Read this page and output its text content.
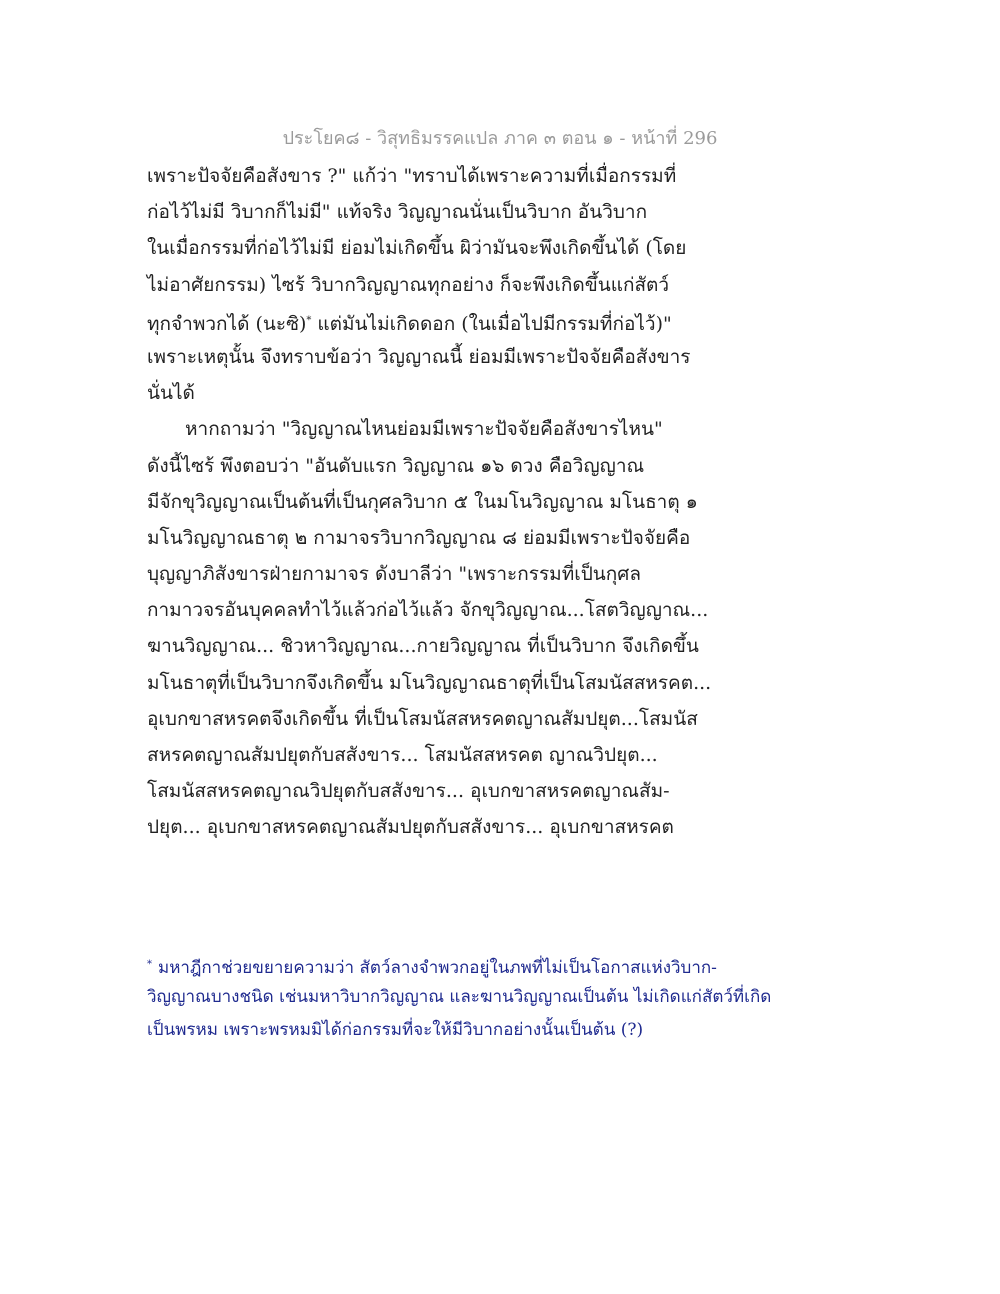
ประโยค๘ - วิสุทธิมรรคแปล ภาค ๓ ตอน ๑ - หน้าที่ 296
เพราะปัจจัยคือสังขาร ?" แก้ว่า "ทราบได้เพราะความที่เมื่อกรรมที่
ก่อไว้ไม่มี วิบากก็ไม่มี" แท้จริง วิญญาณนั่นเป็นวิบาก อันวิบาก
ในเมื่อกรรมที่ก่อไว้ไม่มี ย่อมไม่เกิดขึ้น ผิว่ามันจะพึงเกิดขึ้นได้ (โดย
ไม่อาศัยกรรม) ไซร้ วิบากวิญญาณทุกอย่าง ก็จะพึงเกิดขึ้นแก่สัตว์
ทุกจำพวกได้ (นะซิ)* แต่มันไม่เกิดดอก (ในเมื่อไปมีกรรมที่ก่อไว้)"
เพราะเหตุนั้น จึงทราบข้อว่า วิญญาณนี้ ย่อมมีเพราะปัจจัยคือสังขาร
นั่นได้
หากถามว่า "วิญญาณไหนย่อมมีเพราะปัจจัยคือสังขารไหน"
ดังนี้ไซร้ พึงตอบว่า "อันดับแรก วิญญาณ ๑๖ ดวง คือวิญญาณ
มีจักขุวิญญาณเป็นต้นที่เป็นกุศลวิบาก ๕ ในมโนวิญญาณ มโนธาตุ ๑
มโนวิญญาณธาตุ ๒ กามาจรวิบากวิญญาณ ๘ ย่อมมีเพราะปัจจัยคือ
บุญญาภิสังขารฝ่ายกามาจร ดังบาลีว่า "เพราะกรรมที่เป็นกุศล
กามาวจรอันบุคคลทำไว้แล้วก่อไว้แล้ว จักขุวิญญาณ...โสตวิญญาณ...
ฆานวิญญาณ... ชิวหาวิญญาณ...กายวิญญาณ ที่เป็นวิบาก จึงเกิดขึ้น
มโนธาตุที่เป็นวิบากจึงเกิดขึ้น มโนวิญญาณธาตุที่เป็นโสมนัสสหรคต...
อุเบกขาสหรคตจึงเกิดขึ้น ที่เป็นโสมนัสสหรคตญาณสัมปยุต...โสมนัส
สหรคตญาณสัมปยุตกับสสังขาร... โสมนัสสหรคต ญาณวิปยุต...
โสมนัสสหรคตญาณวิปยุตกับสสังขาร... อุเบกขาสหรคตญาณสัม-
ปยุต... อุเบกขาสหรคตญาณสัมปยุตกับสสังขาร... อุเบกขาสหรคต
* มหาฎีกาช่วยขยายความว่า สัตว์ลางจำพวกอยู่ในภพที่ไม่เป็นโอกาสแห่งวิบาก-
วิญญาณบางชนิด เช่นมหาวิบากวิญญาณ และฆานวิญญาณเป็นต้น ไม่เกิดแก่สัตว์ที่เกิด
เป็นพรหม เพราะพรหมมิได้ก่อกรรมที่จะให้มีวิบากอย่างนั้นเป็นต้น (?)
